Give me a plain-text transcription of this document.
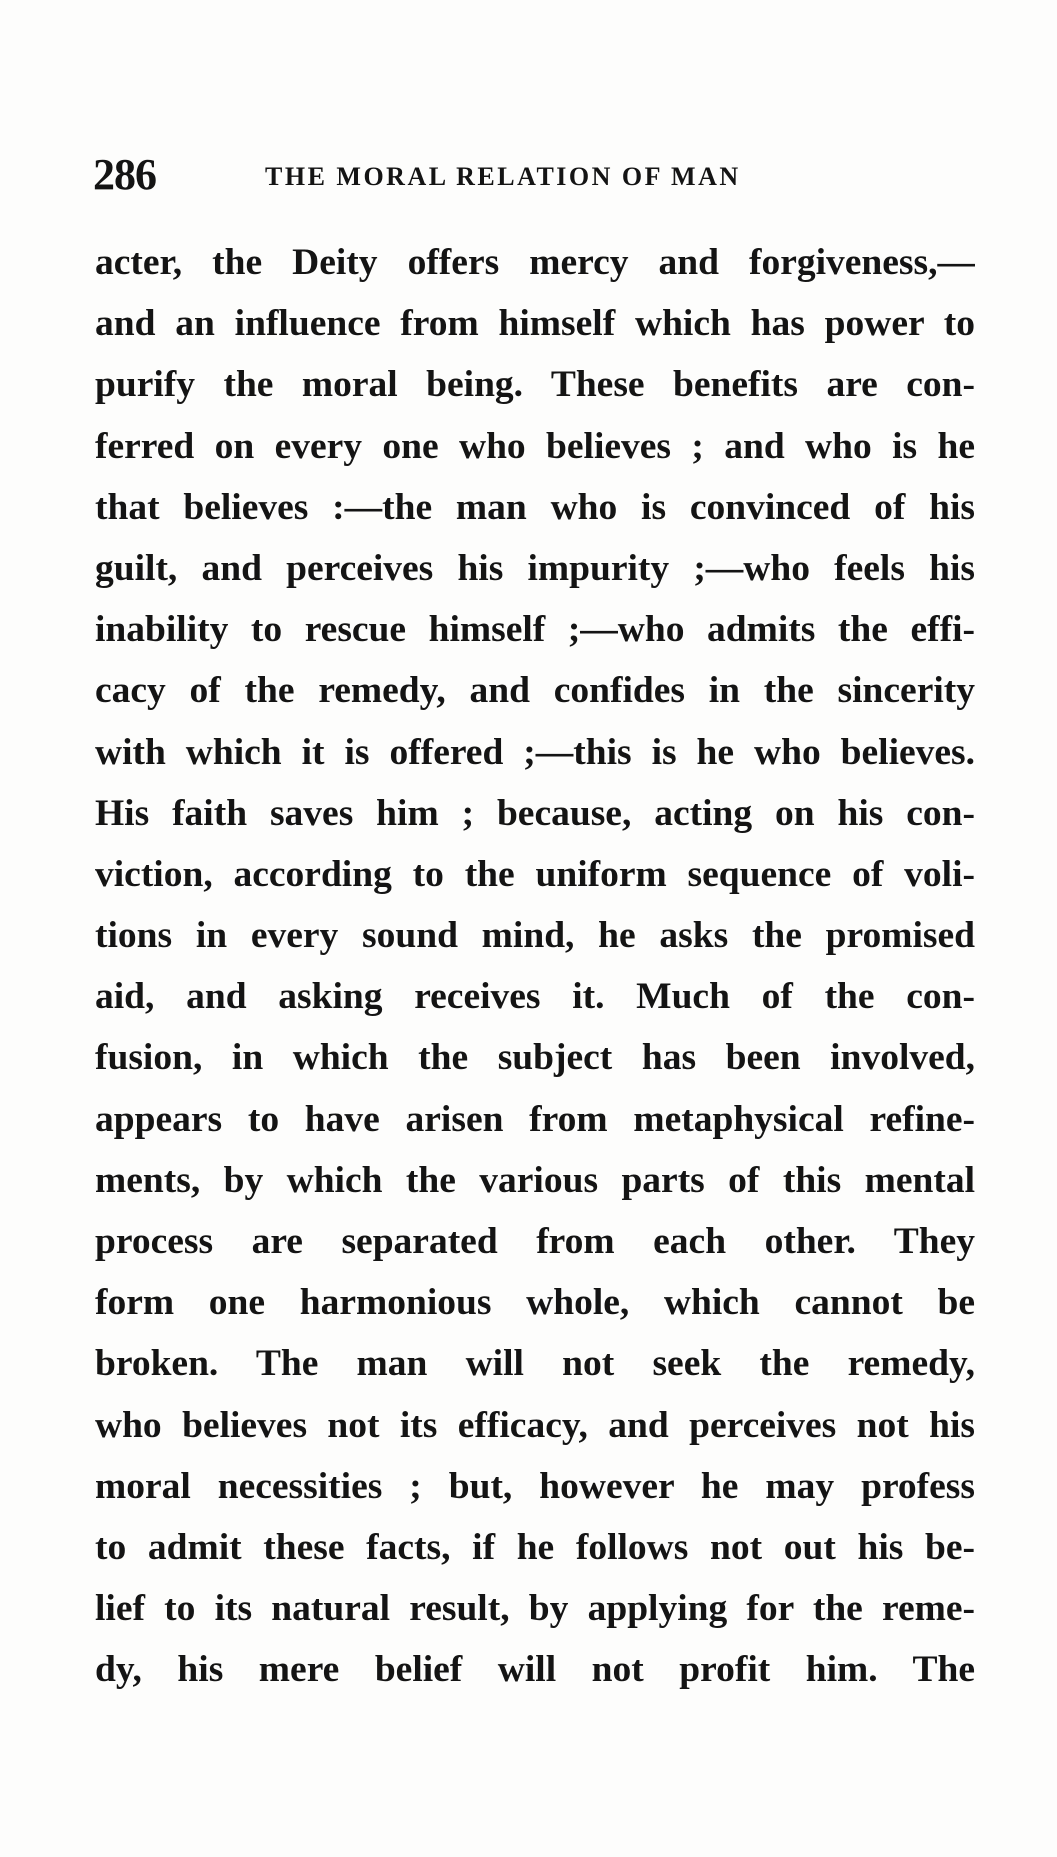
286	THE MORAL RELATION OF MAN
acter, the Deity offers mercy and forgiveness,—
and an influence from himself which has power to
purify the moral being. These benefits are con-
ferred on every one who believes ; and who is he
that believes :—the man who is convinced of his
guilt, and perceives his impurity ;—who feels his
inability to rescue himself ;—who admits the effi-
cacy of the remedy, and confides in the sincerity
with which it is offered ;—this is he who believes.
His faith saves him ; because, acting on his con-
viction, according to the uniform sequence of voli-
tions in every sound mind, he asks the promised
aid, and asking receives it. Much of the con-
fusion, in which the subject has been involved,
appears to have arisen from metaphysical refine-
ments, by which the various parts of this mental
process are separated from each other. They
form one harmonious whole, which cannot be
broken. The man will not seek the remedy,
who believes not its efficacy, and perceives not his
moral necessities ; but, however he may profess
to admit these facts, if he follows not out his be-
lief to its natural result, by applying for the reme-
dy, his mere belief will not profit him. The
